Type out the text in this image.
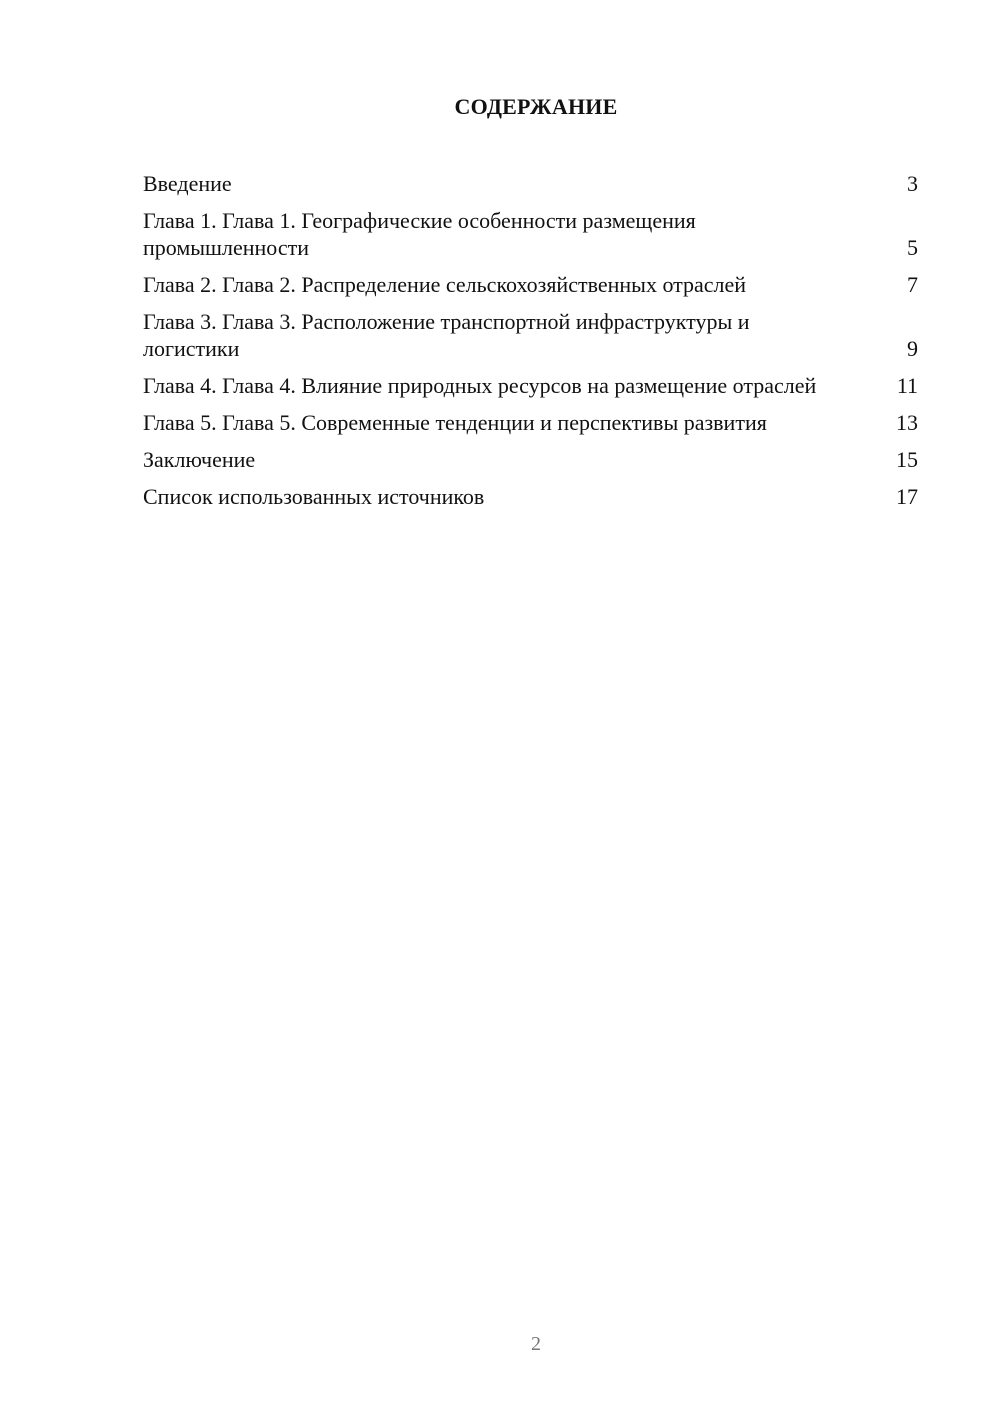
СОДЕРЖАНИЕ
Введение	3
Глава 1. Глава 1. Географические особенности размещения промышленности	5
Глава 2. Глава 2. Распределение сельскохозяйственных отраслей	7
Глава 3. Глава 3. Расположение транспортной инфраструктуры и логистики	9
Глава 4. Глава 4. Влияние природных ресурсов на размещение отраслей	11
Глава 5. Глава 5. Современные тенденции и перспективы развития	13
Заключение	15
Список использованных источников	17
2
